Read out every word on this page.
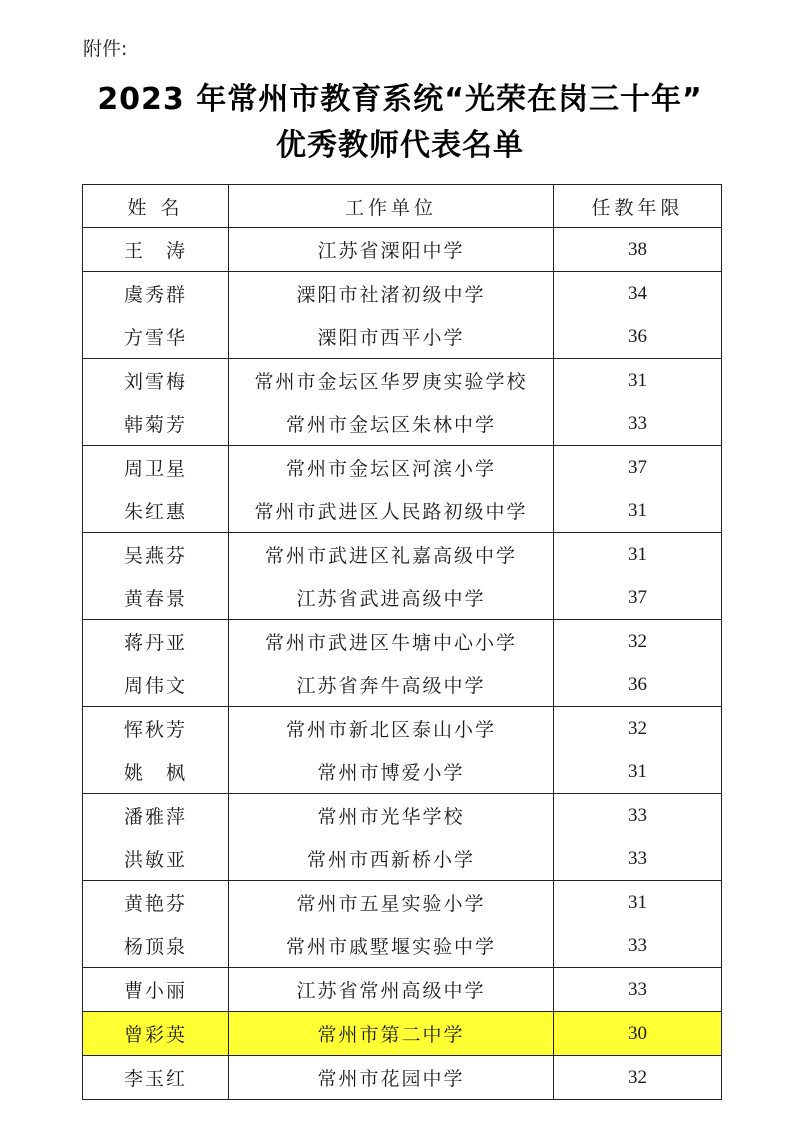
附件:
2023 年常州市教育系统“光荣在岗三十年”
优秀教师代表名单
姓 名	工作单位	任教年限
王　涛	江苏省溧阳中学	38
虞秀群	溧阳市社渚初级中学	34
方雪华	溧阳市西平小学	36
刘雪梅	常州市金坛区华罗庚实验学校	31
韩菊芳	常州市金坛区朱林中学	33
周卫星	常州市金坛区河滨小学	37
朱红惠	常州市武进区人民路初级中学	31
吴燕芬	常州市武进区礼嘉高级中学	31
黄春景	江苏省武进高级中学	37
蒋丹亚	常州市武进区牛塘中心小学	32
周伟文	江苏省奔牛高级中学	36
恽秋芳	常州市新北区泰山小学	32
姚　枫	常州市博爱小学	31
潘雅萍	常州市光华学校	33
洪敏亚	常州市西新桥小学	33
黄艳芬	常州市五星实验小学	31
杨顶泉	常州市戚墅堰实验中学	33
曹小丽	江苏省常州高级中学	33
曾彩英	常州市第二中学	30
李玉红	常州市花园中学	32
